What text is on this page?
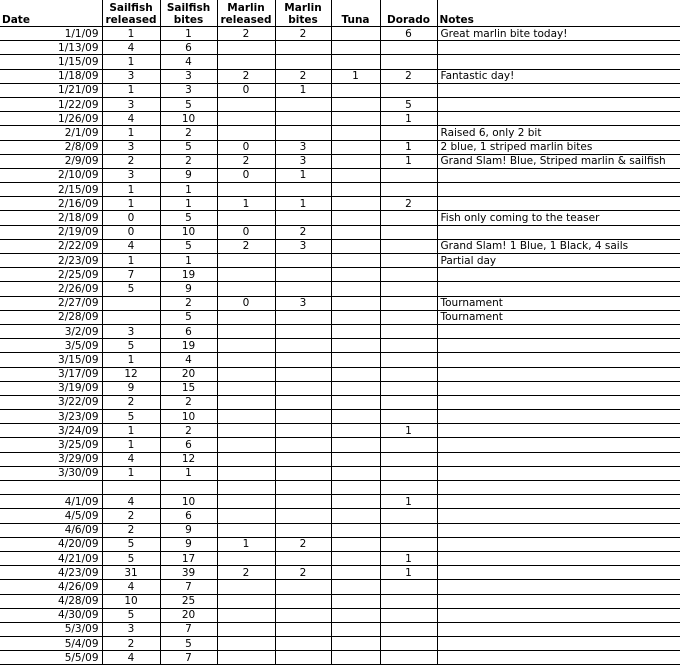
Date	Sailfish released	Sailfish bites	Marlin released	Marlin bites	Tuna	Dorado	Notes
1/1/09	1	1	2	2		6	Great marlin bite today!
1/13/09	4	6					
1/15/09	1	4					
1/18/09	3	3	2	2	1	2	Fantastic day!
1/21/09	1	3	0	1			
1/22/09	3	5				5	
1/26/09	4	10				1	
2/1/09	1	2					Raised 6, only 2 bit
2/8/09	3	5	0	3		1	2 blue, 1 striped marlin bites
2/9/09	2	2	2	3		1	Grand Slam! Blue, Striped marlin & sailfish
2/10/09	3	9	0	1			
2/15/09	1	1					
2/16/09	1	1	1	1		2	
2/18/09	0	5					Fish only coming to the teaser
2/19/09	0	10	0	2			
2/22/09	4	5	2	3			Grand Slam! 1 Blue, 1 Black, 4 sails
2/23/09	1	1					Partial day
2/25/09	7	19					
2/26/09	5	9					
2/27/09		2	0	3			Tournament
2/28/09		5					Tournament
3/2/09	3	6					
3/5/09	5	19					
3/15/09	1	4					
3/17/09	12	20					
3/19/09	9	15					
3/22/09	2	2					
3/23/09	5	10					
3/24/09	1	2				1	
3/25/09	1	6					
3/29/09	4	12					
3/30/09	1	1					

4/1/09	4	10				1	
4/5/09	2	6					
4/6/09	2	9					
4/20/09	5	9	1	2			
4/21/09	5	17				1	
4/23/09	31	39	2	2		1	
4/26/09	4	7					
4/28/09	10	25					
4/30/09	5	20					
5/3/09	3	7					
5/4/09	2	5					
5/5/09	4	7					
